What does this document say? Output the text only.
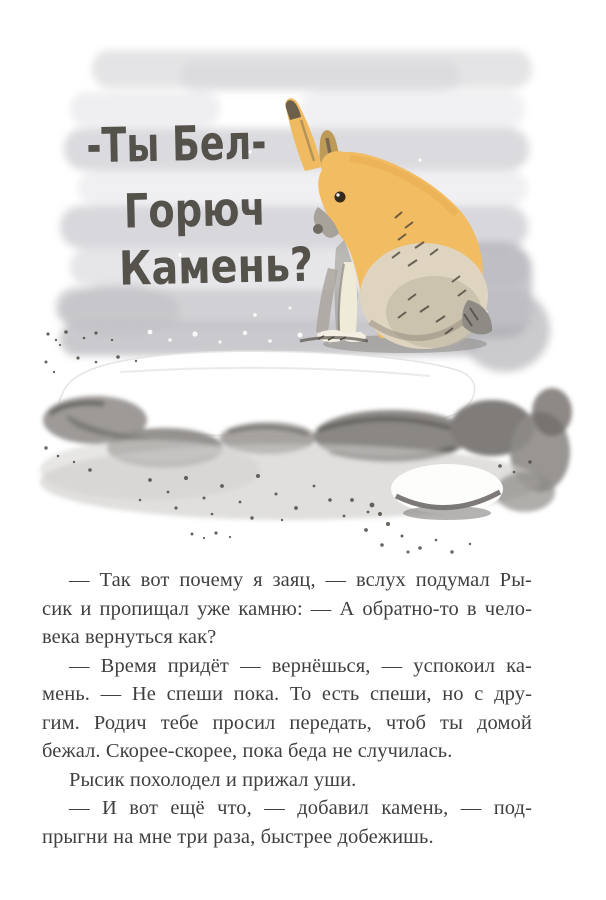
-Ты Бел-
Горюч
Камень?
— Так вот почему я заяц, — вслух подумал Ры-
сик и пропищал уже камню: — А обратно-то в чело-
века вернуться как?
— Время придёт — вернёшься, — успокоил ка-
мень. — Не спеши пока. То есть спеши, но с дру-
гим. Родич тебе просил передать, чтоб ты домой
бежал. Скорее-скорее, пока беда не случилась.
Рысик похолодел и прижал уши.
— И вот ещё что, — добавил камень, — под-
прыгни на мне три раза, быстрее добежишь.
